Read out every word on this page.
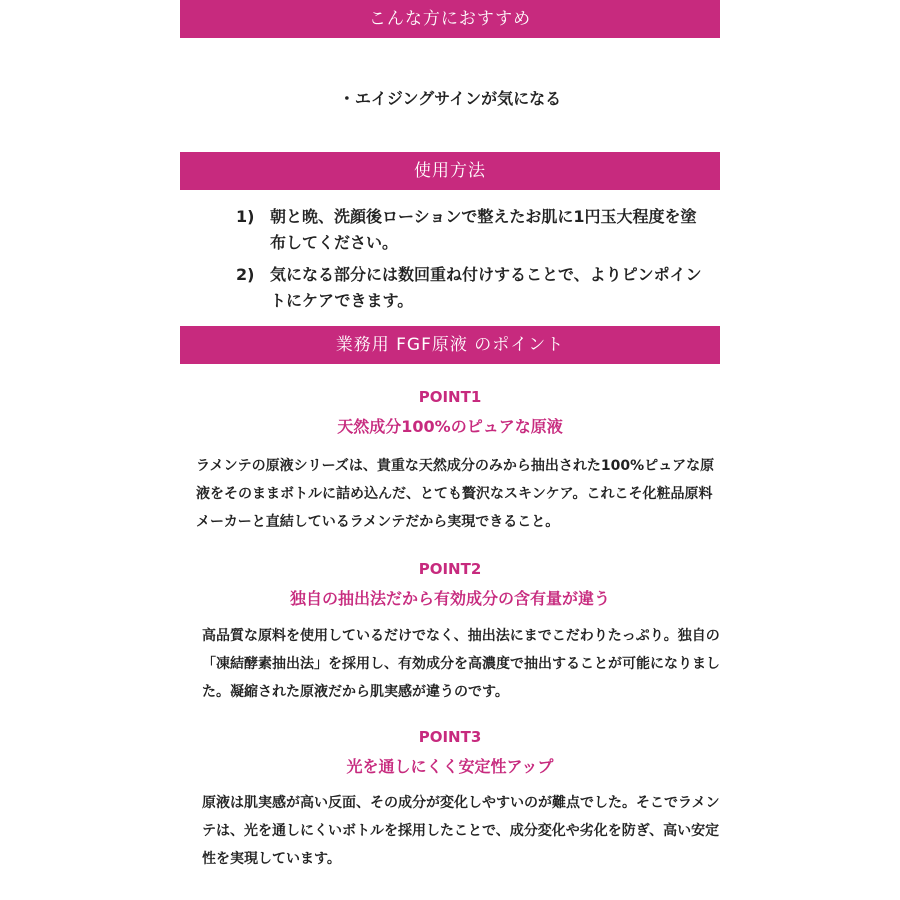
こんな方におすすめ
・エイジングサインが気になる
使用方法
1) 朝と晩、洗顔後ローションで整えたお肌に1円玉大程度を塗布してください。
2) 気になる部分には数回重ね付けすることで、よりピンポイントにケアできます。
業務用 FGF原液 のポイント
POINT1
天然成分100%のピュアな原液

ラメンテの原液シリーズは、貴重な天然成分のみから抽出された100%ピュアな原液をそのままボトルに詰め込んだ、とても贅沢なスキンケア。これこそ化粧品原料メーカーと直結しているラメンテだから実現できること。

POINT2
独自の抽出法だから有効成分の含有量が違う

高品質な原料を使用しているだけでなく、抽出法にまでこだわりたっぷり。独自の「凍結酵素抽出法」を採用し、有効成分を高濃度で抽出することが可能になりました。凝縮された原液だから肌実感が違うのです。

POINT3
光を通しにくく安定性アップ

原液は肌実感が高い反面、その成分が変化しやすいのが難点でした。そこでラメンテは、光を通しにくいボトルを採用したことで、成分変化や劣化を防ぎ、高い安定性を実現しています。
